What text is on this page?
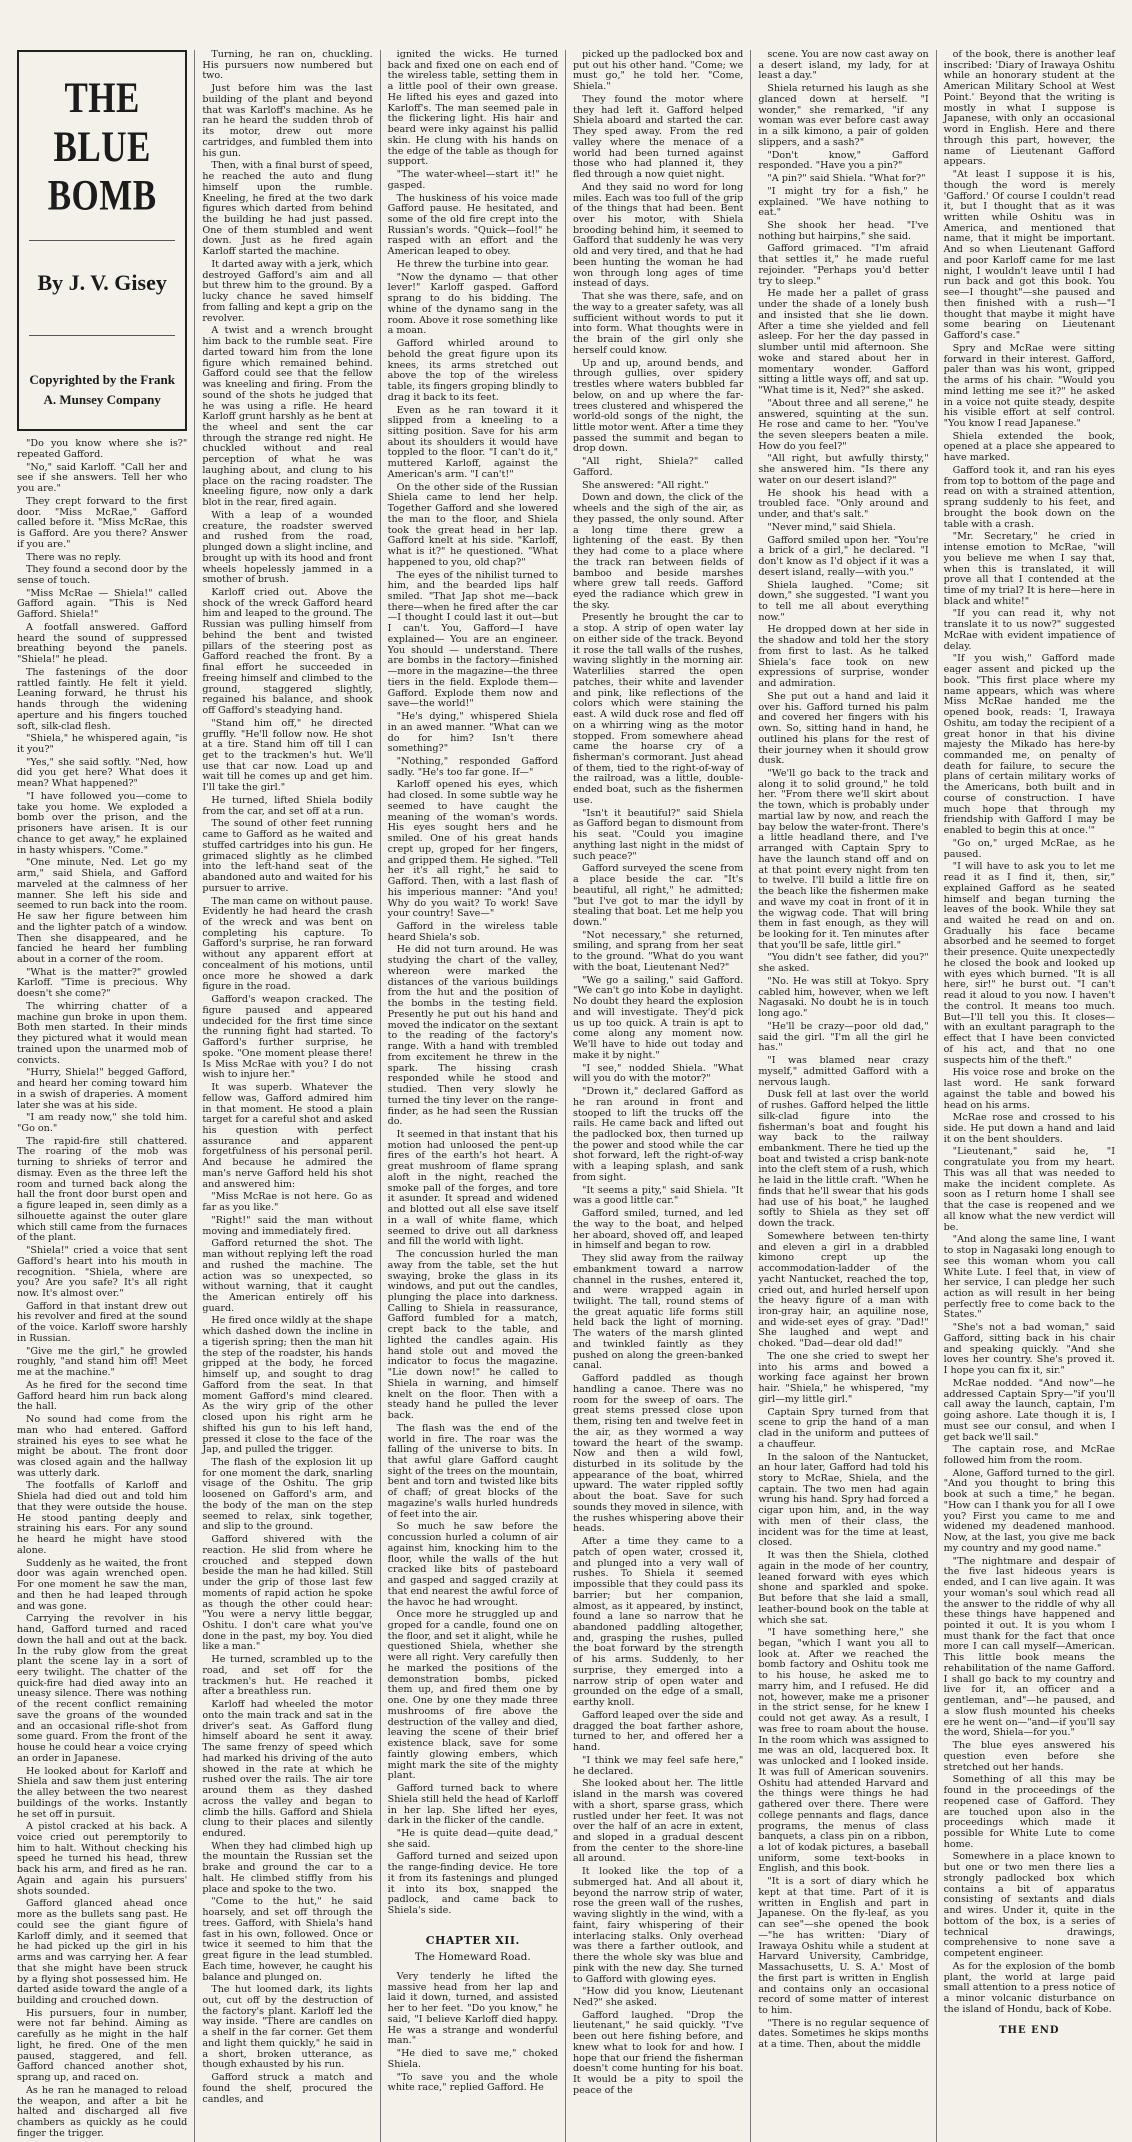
THE BLUE BOMB
By J. V. Gisey
Copyrighted by the Frank A. Munsey Company

"Do you know where she is?" repeated Gafford.

"No," said Karloff. "Call her and see if she answers. Tell her who you are."

They crept forward to the first door. "Miss McRae," Gafford called before it. "Miss McRae, this is Gafford. Are you there? Answer if you are."

There was no reply.

They found a second door by the sense of touch.

"Miss McRae — Shiela!" called Gafford again. "This is Ned Gafford. Shiela!"

A footfall answered. Gafford heard the sound of suppressed breathing beyond the panels. "Shiela!" he plead.

The fastenings of the door rattled faintly. He felt it yield. Leaning forward, he thrust his hands through the widening aperture and his fingers touched soft, silk-clad flesh.

"Shiela," he whispered again, "is it you?"

"Yes," she said softly. "Ned, how did you get here? What does it mean? What happened?"

"I have followed you—come to take you home. We exploded a bomb over the prison, and the prisoners have arisen. It is our chance to get away," he explained in hasty whispers. "Come."

"One minute, Ned. Let go my arm," said Shiela, and Gafford marveled at the calmness of her manner. She left his side and seemed to run back into the room. He saw her figure between him and the lighter patch of a window. Then she disappeared, and he fancied he heard her fumbling about in a corner of the room.

"What is the matter?" growled Karloff. "Time is precious. Why doesn't she come?"

The whirring chatter of a machine gun broke in upon them. Both men started. In their minds they pictured what it would mean trained upon the unarmed mob of convicts.

"Hurry, Shiela!" begged Gafford, and heard her coming toward him in a swish of draperies. A moment later she was at his side.

"I am ready now," she told him. "Go on."

The rapid-fire still chattered. The roaring of the mob was turning to shrieks of terror and dismay. Even as the three left the room and turned back along the hall the front door burst open and a figure leaped in, seen dimly as a silhouette against the outer glare which still came from the furnaces of the plant.

"Shiela!" cried a voice that sent Gafford's heart into his mouth in recognition. "Shiela, where are you? Are you safe? It's all right now. It's almost over."

Gafford in that instant drew out his revolver and fired at the sound of the voice. Karloff swore harshly in Russian.

"Give me the girl," he growled roughly, "and stand him off! Meet me at the machine."

As he fired for the second time Gafford heard him run back along the hall.

No sound had come from the man who had entered. Gafford strained his eyes to see what he might be about. The front door was closed again and the hallway was utterly dark.

The footfalls of Karloff and Shiela had died out and told him that they were outside the house. He stood panting deeply and straining his ears. For any sound he heard he might have stood alone.

Suddenly as he waited, the front door was again wrenched open. For one moment he saw the man, and then he had leaped through and was gone.

Carrying the revolver in his hand, Gafford turned and raced down the hall and out at the back. In the ruby glow from the great plant the scene lay in a sort of eery twilight. The chatter of the quick-fire had died away into an uneasy silence. There was nothing of the recent conflict remaining save the groans of the wounded and an occasional rifle-shot from some guard. From the front of the house he could hear a voice crying an order in Japanese.

He looked about for Karloff and Shiela and saw them just entering the alley between the two nearest buildings of the works. Instantly he set off in pursuit.

A pistol cracked at his back. A voice cried out peremptorily to him to halt. Without checking his speed he turned his head, threw back his arm, and fired as he ran. Again and again his pursuers' shots sounded.

Gafford glanced ahead once more as the bullets sang past. He could see the giant figure of Karloff dimly, and it seemed that he had picked up the girl in his arms and was carrying her. A fear that she might have been struck by a flying shot possessed him. He darted aside toward the angle of a building and crouched down.

His pursuers, four in number, were not far behind. Aiming as carefully as he might in the half light, he fired. One of the men paused, staggered, and fell. Gafford chanced another shot, sprang up, and raced on.

As he ran he managed to reload the weapon, and after a bit he halted and discharged all five chambers as quickly as he could finger the trigger.

Turning, he ran on, chuckling. His pursuers now numbered but two.

Just before him was the last building of the plant and beyond that was Karloff's machine. As he ran he heard the sudden throb of its motor, drew out more cartridges, and fumbled them into his gun.

Then, with a final burst of speed, he reached the auto and flung himself upon the rumble. Kneeling, he fired at the two dark figures which darted from behind the building he had just passed. One of them stumbled and went down. Just as he fired again Karloff started the machine.

It darted away with a jerk, which destroyed Gafford's aim and all but threw him to the ground. By a lucky chance he saved himself from falling and kept a grip on the revolver.

A twist and a wrench brought him back to the rumble seat. Fire darted toward him from the lone figure which remained behind. Gafford could see that the fellow was kneeling and firing. From the sound of the shots he judged that he was using a rifle. He heard Karloff grunt harshly as he bent at the wheel and sent the car through the strange red night. He chuckled without and real perception of what he was laughing about, and clung to his place on the racing roadster. The kneeling figure, now only a dark blot in the rear, fired again.

With a leap of a wounded creature, the roadster swerved and rushed from the road, plunged down a slight incline, and brought up with its hood and front wheels hopelessly jammed in a smother of brush.

Karloff cried out. Above the shock of the wreck Gafford heard him and leaped to the ground. The Russian was pulling himself from behind the bent and twisted pillars of the steering post as Gafford reached the front. By a final effort he succeeded in freeing himself and climbed to the ground, staggered slightly, regained his balance, and shook off Gafford's steadying hand.

"Stand him off," he directed gruffly. "He'll follow now. He shot at a tire. Stand him off till I can get to the trackmen's hut. We'll use that car now. Load up and wait till he comes up and get him. I'll take the girl."

He turned, lifted Shiela bodily from the car, and set off at a run.

The sound of other feet running came to Gafford as he waited and stuffed cartridges into his gun. He grimaced slightly as he climbed into the left-hand seat of the abandoned auto and waited for his pursuer to arrive.

The man came on without pause. Evidently he had heard the crash of the wreck and was bent on completing his capture. To Gafford's surprise, he ran forward without any apparent effort at concealment of his motions, until once more he showed a dark figure in the road.

Gafford's weapon cracked. The figure paused and appeared undecided for the first time since the running fight had started. To Gafford's further surprise, he spoke. "One moment please there! Is Miss McRae with you? I do not wish to injure her."

It was superb. Whatever the fellow was, Gafford admired him in that moment. He stood a plain target for a careful shot and asked his question with perfect assurance and apparent forgetfulness of his personal peril. And because he admired the man's nerve Gafford held his shot and answered him:

"Miss McRae is not here. Go as far as you like."

"Right!" said the man without moving and immediately fired.

Gafford returned the shot. The man without replying left the road and rushed the machine. The action was so unexpected, so without warning, that it caught the American entirely off his guard.

He fired once wildly at the shape which dashed down the incline in a tigerish spring; then the man hit the step of the roadster, his hands gripped at the body, he forced himself up, and sought to drag Gafford from the seat. In that moment Gafford's mind cleared. As the wiry grip of the other closed upon his right arm he shifted his gun to his left hand, pressed it close to the face of the Jap, and pulled the trigger.

The flash of the explosion lit up for one moment the dark, snarling visage of the Oshitu. The grip loosened on Gafford's arm, and the body of the man on the step seemed to relax, sink together, and slip to the ground.

Gafford shivered with the reaction. He slid from where he crouched and stepped down beside the man he had killed. Still under the grip of those last few moments of rapid action he spoke as though the other could hear: "You were a nervy little beggar, Oshitu. I don't care what you've done in the past, my boy. You died like a man."

He turned, scrambled up to the road, and set off for the trackmen's hut. He reached it after a breathless run.

Karloff had wheeled the motor onto the main track and sat in the driver's seat. As Gafford flung himself aboard he sent it away. The same frenzy of speed which had marked his driving of the auto showed in the rate at which he rushed over the rails. The air tore around them as they dashed across the valley and began to climb the hills. Gafford and Shiela clung to their places and silently endured.

When they had climbed high up the mountain the Russian set the brake and ground the car to a halt. He climbed stiffly from his place and spoke to the two.

"Come to the hut," he said hoarsely, and set off through the trees. Gafford, with Shiela's hand fast in his own, followed. Once or twice it seemed to him that the great figure in the lead stumbled. Each time, however, he caught his balance and plunged on.

The hut loomed dark, its lights out, cut off by the destruction of the factory's plant. Karloff led the way inside. "There are candles on a shelf in the far corner. Get them and light them quickly," he said in a short, broken utterance, as though exhausted by his run.

Gafford struck a match and found the shelf, procured the candles, and

ignited the wicks. He turned back and fixed one on each end of the wireless table, setting them in a little pool of their own grease. He lifted his eyes and gazed into Karloff's. The man seemed pale in the flickering light. His hair and beard were inky against his pallid skin. He clung with his hands on the edge of the table as though for support.

"The water-wheel—start it!" he gasped.

The huskiness of his voice made Gafford pause. He hesitated, and some of the old fire crept into the Russian's words. "Quick—fool!" he rasped with an effort and the American leaped to obey.

He threw the turbine into gear.

"Now the dynamo — that other lever!" Karloff gasped. Gafford sprang to do his bidding. The whine of the dynamo sang in the room. Above it rose something like a moan.

Gafford whirled around to behold the great figure upon its knees, its arms stretched out above the top of the wireless table, its fingers groping blindly to drag it back to its feet.

Even as he ran toward it it slipped from a kneeling to a sitting position. Save for his arm about its shoulders it would have toppled to the floor. "I can't do it," muttered Karloff, against the American's arm. "I can't!"

On the other side of the Russian Shiela came to lend her help. Together Gafford and she lowered the man to the floor, and Shiela took the great head in her lap. Gafford knelt at his side. "Karloff, what is it?" he questioned. "What happened to you, old chap?"

The eyes of the nihilist turned to him, and the bearded lips half smiled. "That Jap shot me—back there—when he fired after the car—I thought I could last it out—but I can't. You, Gafford—I have explained— You are an engineer. You should — understand. There are bombs in the factory—finished—more in the magazine—the three tiers in the field. Explode them—Gafford. Explode them now and save—the world!"

"He's dying," whispered Shiela in an awed manner. "What can we do for him? Isn't there something?"

"Nothing," responded Gafford sadly. "He's too far gone. If—"

Karloff opened his eyes, which had closed. In some subtle way he seemed to have caught the meaning of the woman's words. His eyes sought hers and he smiled. One of his great hands crept up, groped for her fingers, and gripped them. He sighed. "Tell her it's all right," he said to Gafford. Then, with a last flash of his imperious manner: "And you! Why do you wait? To work! Save your country! Save—"

Gafford in the wireless table heard Shiela's sob.

He did not turn around. He was studying the chart of the valley, whereon were marked the distances of the various buildings from the hut and the position of the bombs in the testing field. Presently he put out his hand and moved the indicator on the sextant to the reading of the factory's range. With a hand with trembled from excitement he threw in the spark. The hissing crash responded while he stood and studied. Then very slowly he turned the tiny lever on the range-finder, as he had seen the Russian do.

It seemed in that instant that his motion had unloosed the pent-up fires of the earth's hot heart. A great mushroom of flame sprang aloft in the night, reached the smoke pall of the forges, and tore it asunder. It spread and widened and blotted out all else save itself in a wall of white flame, which seemed to drive out all darkness and fill the world with light.

The concussion hurled the man away from the table, set the hut swaying, broke the glass in its windows, and put out the candles, plunging the place into darkness. Calling to Shiela in reassurance, Gafford fumbled for a match, crept back to the table, and lighted the candles again. His hand stole out and moved the indicator to focus the magazine. "Lie down now!" he called to Shiela in warning, and himself knelt on the floor. Then with a steady hand he pulled the lever back.

The flash was the end of the world in fire. The roar was the falling of the universe to bits. In that awful glare Gafford caught sight of the trees on the mountain, bent and torn and twisted like bits of chaff; of great blocks of the magazine's walls hurled hundreds of feet into the air.

So much he saw before the concussion hurled a column of air against him, knocking him to the floor, while the walls of the hut cracked like bits of pasteboard and gasped and sagged crazily at that end nearest the awful force of the havoc he had wrought.

Once more he struggled up and groped for a candle, found one on the floor, and set it alight, while he questioned Shiela, whether she were all right. Very carefully then he marked the positions of the demonstration bombs, picked them up, and fired them one by one. One by one they made three mushrooms of fire above the destruction of the valley and died, leaving the scene of their brief existence black, save for some faintly glowing embers, which might mark the site of the mighty plant.

Gafford turned back to where Shiela still held the head of Karloff in her lap. She lifted her eyes, dark in the flicker of the candle.

"He is quite dead—quite dead," she said.

Gafford turned and seized upon the range-finding device. He tore it from its fastenings and plunged it into its box, snapped the padlock, and came back to Shiela's side.

CHAPTER XII.
The Homeward Road.

Very tenderly he lifted the massive head from her lap and laid it down, turned, and assisted her to her feet. "Do you know," he said, "I believe Karloff died happy. He was a strange and wonderful man."

"He died to save me," choked Shiela.

"To save you and the whole white race," replied Gafford. He

picked up the padlocked box and put out his other hand. "Come; we must go," he told her. "Come, Shiela."

They found the motor where they had left it. Gafford helped Shiela aboard and started the car. They sped away. From the red valley where the menace of a world had been turned against those who had planned it, they fled through a now quiet night.

And they said no word for long miles. Each was too full of the grip of the things that had been. Bent over his motor, with Shiela brooding behind him, it seemed to Gafford that suddenly he was very old and very tired, and that he had been hunting the woman he had won through long ages of time instead of days.

That she was there, safe, and on the way to a greater safety, was all sufficient without words to put it into form. What thoughts were in the brain of the girl only she herself could know.

Up and up, around bends, and through gullies, over spidery trestles where waters bubbled far below, on and up where the far-trees clustered and whispered the world-old songs of the night, the little motor went. After a time they passed the summit and began to drop down.

"All right, Shiela?" called Gafford.

She answered: "All right."

Down and down, the click of the wheels and the sigh of the air, as they passed, the only sound. After a long time there grew a lightening of the east. By then they had come to a place where the track ran between fields of bamboo and beside marshes where grew tall reeds. Gafford eyed the radiance which grew in the sky.

Presently he brought the car to a stop. A strip of open water lay on either side of the track. Beyond it rose the tall walls of the rushes, waving slightly in the morning air. Waterlilies starred the open patches, their white and lavender and pink, like reflections of the colors which were staining the east. A wild duck rose and fled off on a whirring wing as the motor stopped. From somewhere ahead came the hoarse cry of a fisherman's cormorant. Just ahead of them, tied to the right-of-way of the railroad, was a little, double-ended boat, such as the fishermen use.

"Isn't it beautiful?" said Shiela as Gafford began to dismount from his seat. "Could you imagine anything last night in the midst of such peace?"

Gafford surveyed the scene from a place beside the car. "It's beautiful, all right," he admitted; "but I've got to mar the idyll by stealing that boat. Let me help you down."

"Not necessary," she returned, smiling, and sprang from her seat to the ground. "What do you want with the boat, Lieutenant Ned?"

"We go a sailing," said Gafford. "We can't go into Kobe in daylight. No doubt they heard the explosion and will investigate. They'd pick us up too quick. A train is apt to come along any moment now. We'll have to hide out today and make it by night."

"I see," nodded Shiela. "What will you do with the motor?"

"Drown it," declared Gafford as he ran around in front and stooped to lift the trucks off the rails. He came back and lifted out the padlocked box, then turned up the power and stood while the car shot forward, left the right-of-way with a leaping splash, and sank from sight.

"It seems a pity," said Shiela. "It was a good little car."

Gafford smiled, turned, and led the way to the boat, and helped her aboard, shoved off, and leaped in himself and began to row.

They slid away from the railway embankment toward a narrow channel in the rushes, entered it, and were wrapped again in twilight. The tall, round stems of the great aquatic life forms still held back the light of morning. The waters of the marsh glinted and twinkled faintly as they pushed on along the green-banked canal.

Gafford paddled as though handling a canoe. There was no room for the sweep of oars. The great stems pressed close upon them, rising ten and twelve feet in the air, as they wormed a way toward the heart of the swamp. Now and then a wild fowl, disturbed in its solitude by the appearance of the boat, whirred upward. The water rippled softly about the boat. Save for such sounds they moved in silence, with the rushes whispering above their heads.

After a time they came to a patch of open water, crossed it, and plunged into a very wall of rushes. To Shiela it seemed impossible that they could pass its barrier; but her companion, almost, as it appeared, by instinct, found a lane so narrow that he abandoned paddling altogether, and, grasping the rushes, pulled the boat forward by the strength of his arms. Suddenly, to her surprise, they emerged into a narrow strip of open water and grounded on the edge of a small, earthy knoll.

Gafford leaped over the side and dragged the boat farther ashore, turned to her, and offered her a hand.

"I think we may feel safe here," he declared.

She looked about her. The little island in the marsh was covered with a short, sparse grass, which rustled under her feet. It was not over the half of an acre in extent, and sloped in a gradual descent from the center to the shore-line all around.

It looked like the top of a submerged hat. And all about it, beyond the narrow strip of water, rose the green wall of the rushes, waving slightly in the wind, with a faint, fairy whispering of their interlacing stalks. Only overhead was there a farther outlook, and there the whole sky was blue and pink with the new day. She turned to Gafford with glowing eyes.

"How did you know, Lieutenant Ned?" she asked.

Gafford laughed. "Drop the lieutenant," he said quickly. "I've been out here fishing before, and knew what to look for and how. I hope that our friend the fisherman doesn't come hunting for his boat. It would be a pity to spoil the peace of the

scene. You are now cast away on a desert island, my lady, for at least a day."

Shiela returned his laugh as she glanced down at herself. "I wonder," she remarked, "if any woman was ever before cast away in a silk kimono, a pair of golden slippers, and a sash?"

"Don't know," Gafford responded. "Have you a pin?"

"A pin?" said Shiela. "What for?"

"I might try for a fish," he explained. "We have nothing to eat."

She shook her head. "I've nothing but hairpins," she said.

Gafford grimaced. "I'm afraid that settles it," he made rueful rejoinder. "Perhaps you'd better try to sleep."

He made her a pallet of grass under the shade of a lonely bush and insisted that she lie down. After a time she yielded and fell asleep. For her the day passed in slumber until mid afternoon. She woke and stared about her in momentary wonder. Gafford sitting a little ways off, and sat up. "What time is it, Ned?" she asked.

"About three and all serene," he answered, squinting at the sun. He rose and came to her. "You've the seven sleepers beaten a mile. How do you feel?"

"All right, but awfully thirsty," she answered him. "Is there any water on our desert island?"

He shook his head with a troubled face. "Only around and under, and that's salt."

"Never mind," said Shiela.

Gafford smiled upon her. "You're a brick of a girl," he declared. "I don't know as I'd object if it was a desert island, really—with you."

Shiela laughed. "Come; sit down," she suggested. "I want you to tell me all about everything now."

He dropped down at her side in the shadow and told her the story from first to last. As he talked Shiela's face took on new expressions of surprise, wonder and admiration.

She put out a hand and laid it over his. Gafford turned his palm and covered her fingers with his own. So, sitting hand in hand, he outlined his plans for the rest of their journey when it should grow dusk.

"We'll go back to the track and along it to solid ground," he told her. "From there we'll skirt about the town, which is probably under martial law by now, and reach the bay below the water-front. There's a little headland there, and I've arranged with Captain Spry to have the launch stand off and on at that point every night from ten to twelve. I'll build a little fire on the beach like the fishermen make and wave my coat in front of it in the wigwag code. That will bring them in fast enough, as they will be looking for it. Ten minutes after that you'll be safe, little girl."

"You didn't see father, did you?" she asked.

"No. He was still at Tokyo. Spry cabled him, however, when we left Nagasaki. No doubt he is in touch long ago."

"He'll be crazy—poor old dad," said the girl. "I'm all the girl he has."

"I was blamed near crazy myself," admitted Gafford with a nervous laugh.

Dusk fell at last over the world of rushes. Gafford helped the little silk-clad figure into the fisherman's boat and fought his way back to the railway embankment. There he tied up the boat and twisted a crisp bank-note into the cleft stem of a rush, which he laid in the little craft. "When he finds that he'll swear that his gods had use of his boat," he laughed softly to Shiela as they set off down the track.

Somewhere between ten-thirty and eleven a girl in a drabbled kimono crept up the accommodation-ladder of the yacht Nantucket, reached the top, cried out, and hurled herself upon the heavy figure of a man with iron-gray hair, an aquiline nose, and wide-set eyes of gray. "Dad!" She laughed and wept and choked. "Dad—dear old dad!"

The one she cried to swept her into his arms and bowed a working face against her brown hair. "Shiela," he whispered, "my girl—my little girl."

Captain Spry turned from that scene to grip the hand of a man clad in the uniform and puttees of a chauffeur.

In the saloon of the Nantucket, an hour later, Gafford had told his story to McRae, Shiela, and the captain. The two men had again wrung his hand. Spry had forced a cigar upon him, and, in the way with men of their class, the incident was for the time at least, closed.

It was then the Shiela, clothed again in the mode of her country, leaned forward with eyes which shone and sparkled and spoke. But before that she laid a small, leather-bound book on the table at which she sat.

"I have something here," she began, "which I want you all to look at. After we reached the bomb factory and Oshitu took me to his house, he asked me to marry him, and I refused. He did not, however, make me a prisoner in the strict sense, for he knew I could not get away. As a result, I was free to roam about the house. In the room which was assigned to me was an old, lacquered box. It was unlocked and I looked inside. It was full of American souvenirs. Oshitu had attended Harvard and the things were things he had gathered over there. There were college pennants and flags, dance programs, the menus of class banquets, a class pin on a ribbon, a lot of kodak pictures, a baseball uniform, some text-books in English, and this book.

"It is a sort of diary which he kept at that time. Part of it is written in English and part in Japanese. On the fly-leaf, as you can see"—she opened the book—"he has written: 'Diary of Irawaya Oshitu while a student at Harvard University, Cambridge, Massachusetts, U. S. A.' Most of the first part is written in English and contains only an occasional record of some matter of interest to him.

"There is no regular sequence of dates. Sometimes he skips months at a time. Then, about the middle

of the book, there is another leaf inscribed: 'Diary of Irawaya Oshitu while an honorary student at the American Military School at West Point.' Beyond that the writing is mostly in what I suppose is Japanese, with only an occasional word in English. Here and there through this part, however, the name of Lieutenant Gafford appears.

"At least I suppose it is his, though the word is merely 'Gafford.' Of course I couldn't read it, but I thought that as it was written while Oshitu was in America, and mentioned that name, that it might be important. And so when Lieutenant Gafford and poor Karloff came for me last night, I wouldn't leave until I had run back and got this book. You see—I thought"—she paused and then finished with a rush—"I thought that maybe it might have some bearing on Lieutenant Gafford's case."

Spry and McRae were sitting forward in their interest. Gafford, paler than was his wont, gripped the arms of his chair. "Would you mind letting me see it?" he asked in a voice not quite steady, despite his visible effort at self control. "You know I read Japanese."

Shiela extended the book, opened at a place she appeared to have marked.

Gafford took it, and ran his eyes from top to bottom of the page and read on with a strained attention, sprang suddenly to his feet, and brought the book down on the table with a crash.

"Mr. Secretary," he cried in intense emotion to McRae, "will you believe me when I say that, when this is translated, it will prove all that I contended at the time of my trial? It is here—here in black and white!"

"If you can read it, why not translate it to us now?" suggested McRae with evident impatience of delay.

"If you wish," Gafford made eager assent and picked up the book. "This first place where my name appears, which was where Miss McRae handed me the opened book, reads: 'I, Irawaya Oshitu, am today the recipient of a great honor in that his divine majesty the Mikado has here-by commanded me, on penalty of death for failure, to secure the plans of certain military works of the Americans, both built and in course of construction. I have much hope that through my friendship with Gafford I may be enabled to begin this at once.'"

"Go on," urged McRae, as he paused.

"I will have to ask you to let me read it as I find it, then, sir," explained Gafford as he seated himself and began turning the leaves of the book. While they sat and waited he read on and on. Gradually his face became absorbed and he seemed to forget their presence. Quite unexpectedly he closed the book and looked up with eyes which burned. "It is all here, sir!" he burst out. "I can't read it aloud to you now. I haven't the control. It means too much. But—I'll tell you this. It closes—with an exultant paragraph to the effect that I have been convicted of his act, and that no one suspects him of the theft."

His voice rose and broke on the last word. He sank forward against the table and bowed his head on his arms.

McRae rose and crossed to his side. He put down a hand and laid it on the bent shoulders.

"Lieutenant," said he, "I congratulate you from my heart. This was all that was needed to make the incident complete. As soon as I return home I shall see that the case is reopened and we all know what the new verdict will be.

"And along the same line, I want to stop in Nagasaki long enough to see this woman whom you call White Lute. I feel that, in view of her service, I can pledge her such action as will result in her being perfectly free to come back to the States."

"She's not a bad woman," said Gafford, sitting back in his chair and speaking quickly. "And she loves her country. She's proved it. I hope you can fix it, sir."

McRae nodded. "And now"—he addressed Captain Spry—"if you'll call away the launch, captain, I'm going ashore. Late though it is, I must see our consul, and when I get back we'll sail."

The captain rose, and McRae followed him from the room.

Alone, Gafford turned to the girl. "And you thought to bring this book at such a time," he began. "How can I thank you for all I owe you? First you came to me and widened my deadened manhood. Now, at the last, you give me back my country and my good name."

"The nightmare and despair of the five last hideous years is ended, and I can live again. It was your woman's soul which read all the answer to the riddle of why all these things have happened and pointed it out. It is you whom I must thank for the fact that once more I can call myself—American. This little book means the rehabilitation of the name Gafford. I shall go back to my country and live for it, an officer and a gentleman, and"—he paused, and a slow flush mounted his cheeks ere he went on—"and—if you'll say the word, Shiela—for you."

The blue eyes answered his question even before she stretched out her hands.

Something of all this may be found in the proceedings of the reopened case of Gafford. They are touched upon also in the proceedings which made it possible for White Lute to come home.

Somewhere in a place known to but one or two men there lies a strongly padlocked box which contains a bit of apparatus consisting of sextants and dials and wires. Under it, quite in the bottom of the box, is a series of technical drawings, comprehensive to none save a competent engineer.

As for the explosion of the bomb plant, the world at large paid small attention to a press notice of a minor volcanic disturbance on the island of Hondu, back of Kobe.

THE END
